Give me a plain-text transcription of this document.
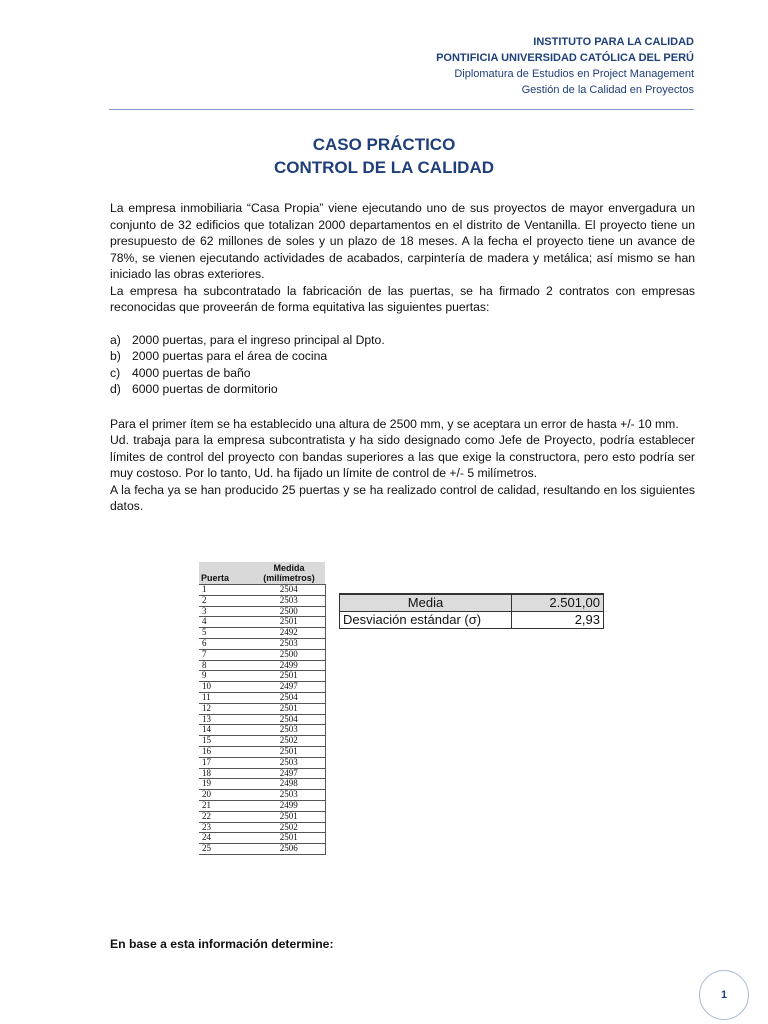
INSTITUTO PARA LA CALIDAD
PONTIFICIA UNIVERSIDAD CATÓLICA DEL PERÚ
Diplomatura de Estudios en Project Management
Gestión de la Calidad en Proyectos
CASO PRÁCTICO
CONTROL DE LA CALIDAD

La empresa inmobiliaria “Casa Propia” viene ejecutando uno de sus proyectos de mayor envergadura un conjunto de 32 edificios que totalizan 2000 departamentos en el distrito de Ventanilla. El proyecto tiene un presupuesto de 62 millones de soles y un plazo de 18 meses. A la fecha el proyecto tiene un avance de 78%, se vienen ejecutando actividades de acabados, carpintería de madera y metálica; así mismo se han iniciado las obras exteriores.

La empresa ha subcontratado la fabricación de las puertas, se ha firmado 2 contratos con empresas reconocidas que proveerán de forma equitativa las siguientes puertas:

a) 2000 puertas, para el ingreso principal al Dpto.
b) 2000 puertas para el área de cocina
c) 4000 puertas de baño
d) 6000 puertas de dormitorio

Para el primer ítem se ha establecido una altura de 2500 mm, y se aceptara un error de hasta +/- 10 mm.

Ud. trabaja para la empresa subcontratista y ha sido designado como Jefe de Proyecto, podría establecer límites de control del proyecto con bandas superiores a las que exige la constructora, pero esto podría ser muy costoso. Por lo tanto, Ud. ha fijado un límite de control de +/- 5 milímetros.

A la fecha ya se han producido 25 puertas y se ha realizado control de calidad, resultando en los siguientes datos.

Puerta	Medida (milímetros)
1	2504
2	2503
3	2500
4	2501
5	2492
6	2503
7	2500
8	2499
9	2501
10	2497
11	2504
12	2501
13	2504
14	2503
15	2502
16	2501
17	2503
18	2497
19	2498
20	2503
21	2499
22	2501
23	2502
24	2501
25	2506
Media	2.501,00
Desviación estándar (σ)	2,93
En base a esta información determine:
1
